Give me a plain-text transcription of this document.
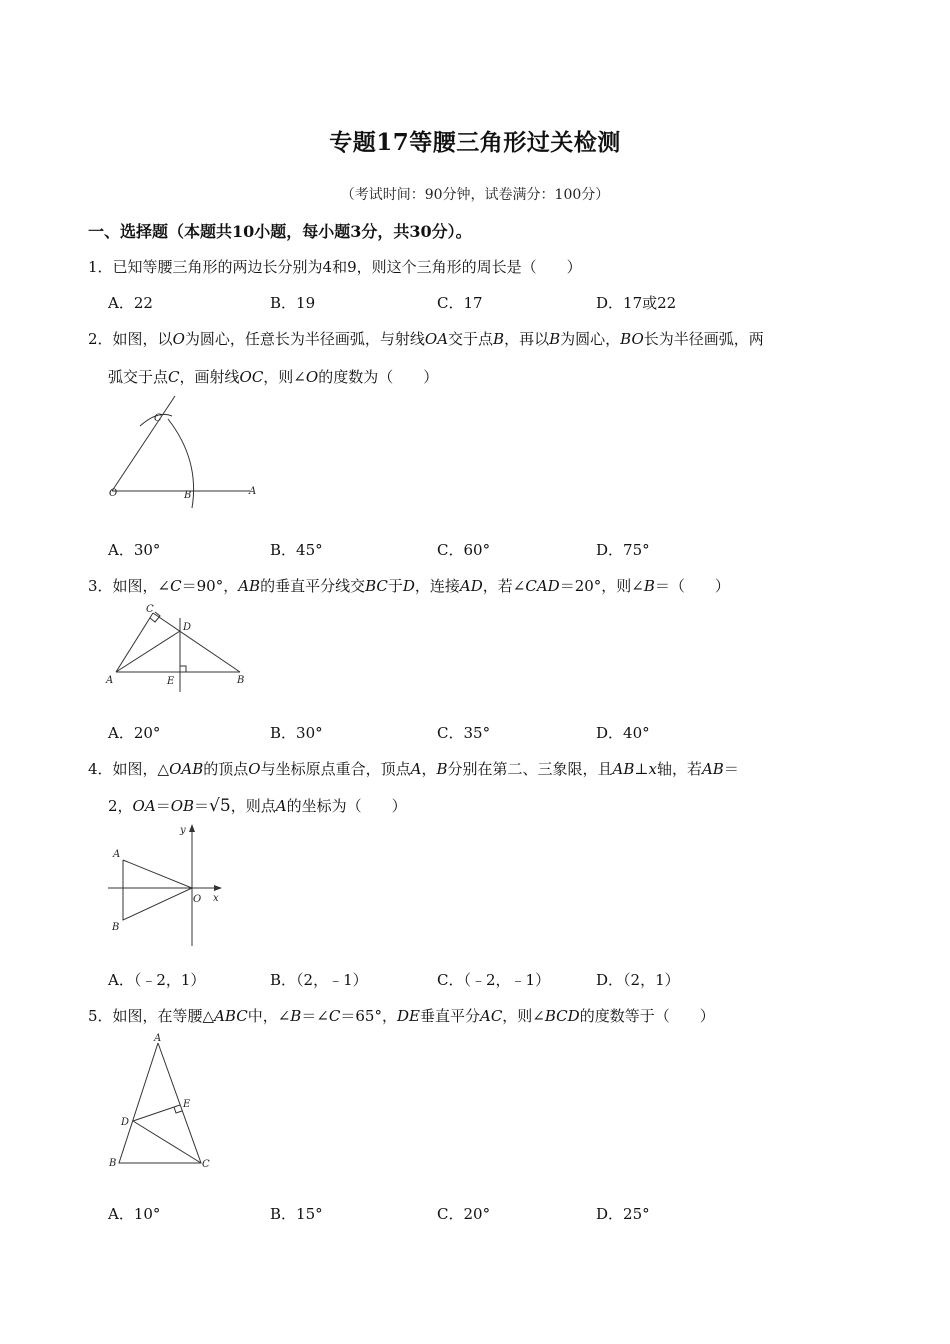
专题17等腰三角形过关检测
（考试时间：90分钟，试卷满分：100分）
一、选择题（本题共10小题，每小题3分，共30分）。
1．已知等腰三角形的两边长分别为4和9，则这个三角形的周长是（　　）
A．22	B．19	C．17	D．17或22
2．如图，以O为圆心，任意长为半径画弧，与射线OA交于点B，再以B为圆心，BO长为半径画弧，两
弧交于点C，画射线OC，则∠O的度数为（　　）
C
O	B	A
A．30°	B．45°	C．60°	D．75°
3．如图，∠C＝90°，AB的垂直平分线交BC于D，连接AD，若∠CAD＝20°，则∠B＝（　　）
C
D
A	E	B
A．20°	B．30°	C．35°	D．40°
4．如图，△OAB的顶点O与坐标原点重合，顶点A，B分别在第二、三象限，且AB⊥x轴，若AB＝
2，OA＝OB＝√5，则点A的坐标为（　　）
y
A
O x
B
A．（﹣2，1）	B．（2，﹣1）	C．（﹣2，﹣1）	D．（2，1）
5．如图，在等腰△ABC中，∠B＝∠C＝65°，DE垂直平分AC，则∠BCD的度数等于（　　）
A
E
D
B	C
A．10°	B．15°	C．20°	D．25°
